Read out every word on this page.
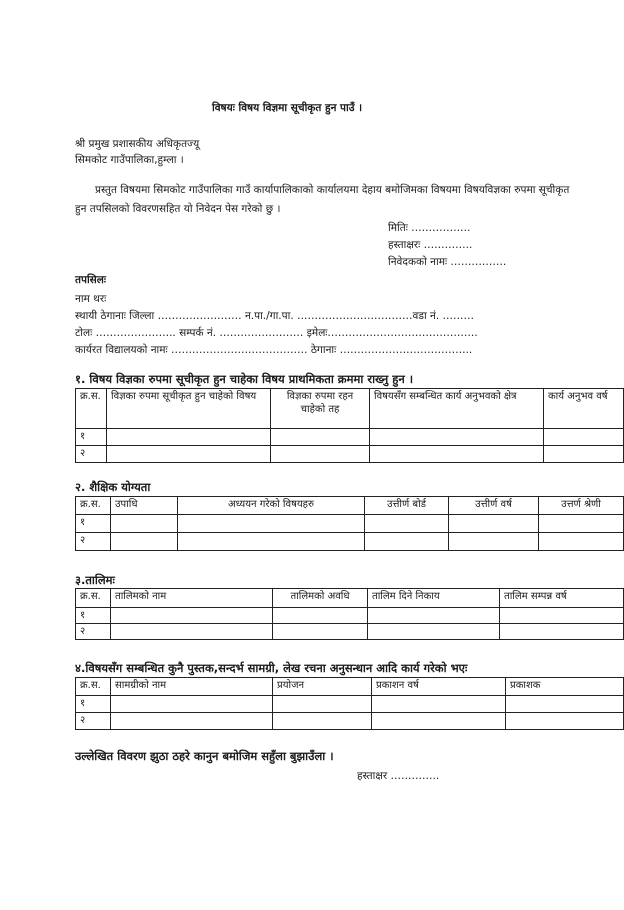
विषयः विषय विज्ञमा सूचीकृत हुन पाउँ ।
श्री प्रमुख प्रशासकीय अधिकृतज्यू
सिमकोट गाउँपालिका,हुम्ला ।
प्रस्तुत विषयमा सिमकोट गाउँपालिका गाउँ कार्यापालिकाको कार्यालयमा देहाय बमोजिमका विषयमा विषयविज्ञका रुपमा सूचीकृत
हुन तपसिलको विवरणसहित यो निवेदन पेस गरेको छु ।
मितिः ……………..
हस्ताक्षरः …………..
निवेदकको नामः …………….
तपसिलः
नाम थरः
स्थायी ठेगानाः जिल्ला …………………… न.पा./गा.पा. ……………………………वडा नं. ………
टोलः ………………….. सम्पर्क नं. …………………… इमेलः…………………………………….
कार्यरत विद्यालयको नामः ………………………………… ठेगानाः ………………………………..
१. विषय विज्ञका रुपमा सूचीकृत हुन चाहेका विषय प्राथमिकता क्रममा राख्नु हुन ।
क्र.स.	विज्ञका रुपमा सूचीकृत हुन चाहेको विषय	विज्ञका रुपमा रहन
चाहेको तह	विषयसँग सम्बन्धित कार्य अनुभवको क्षेत्र	कार्य अनुभव वर्ष
१				
२				
२. शैक्षिक योग्यता
क्र.स.	उपाधि	अध्ययन गरेको विषयहरु	उत्तीर्ण बोर्ड	उत्तीर्ण वर्ष	उत्तर्ण श्रेणी
१					
२					
३.तालिमः
क्र.स.	तालिमको नाम	तालिमको अवधि	तालिम दिने निकाय	तालिम सम्पन्न वर्ष
१				
२				
४.विषयसँग सम्बन्धित कुनै पुस्तक,सन्दर्भ सामग्री, लेख रचना अनुसन्धान आदि कार्य गरेको भएः
क्र.स.	सामग्रीको नाम	प्रयोजन	प्रकाशन वर्ष	प्रकाशक
१				
२				
उल्लेखित विवरण झुठा ठहरे कानुन बमोजिम सहुँला बुझाउँला ।
हस्ताक्षर …………..
